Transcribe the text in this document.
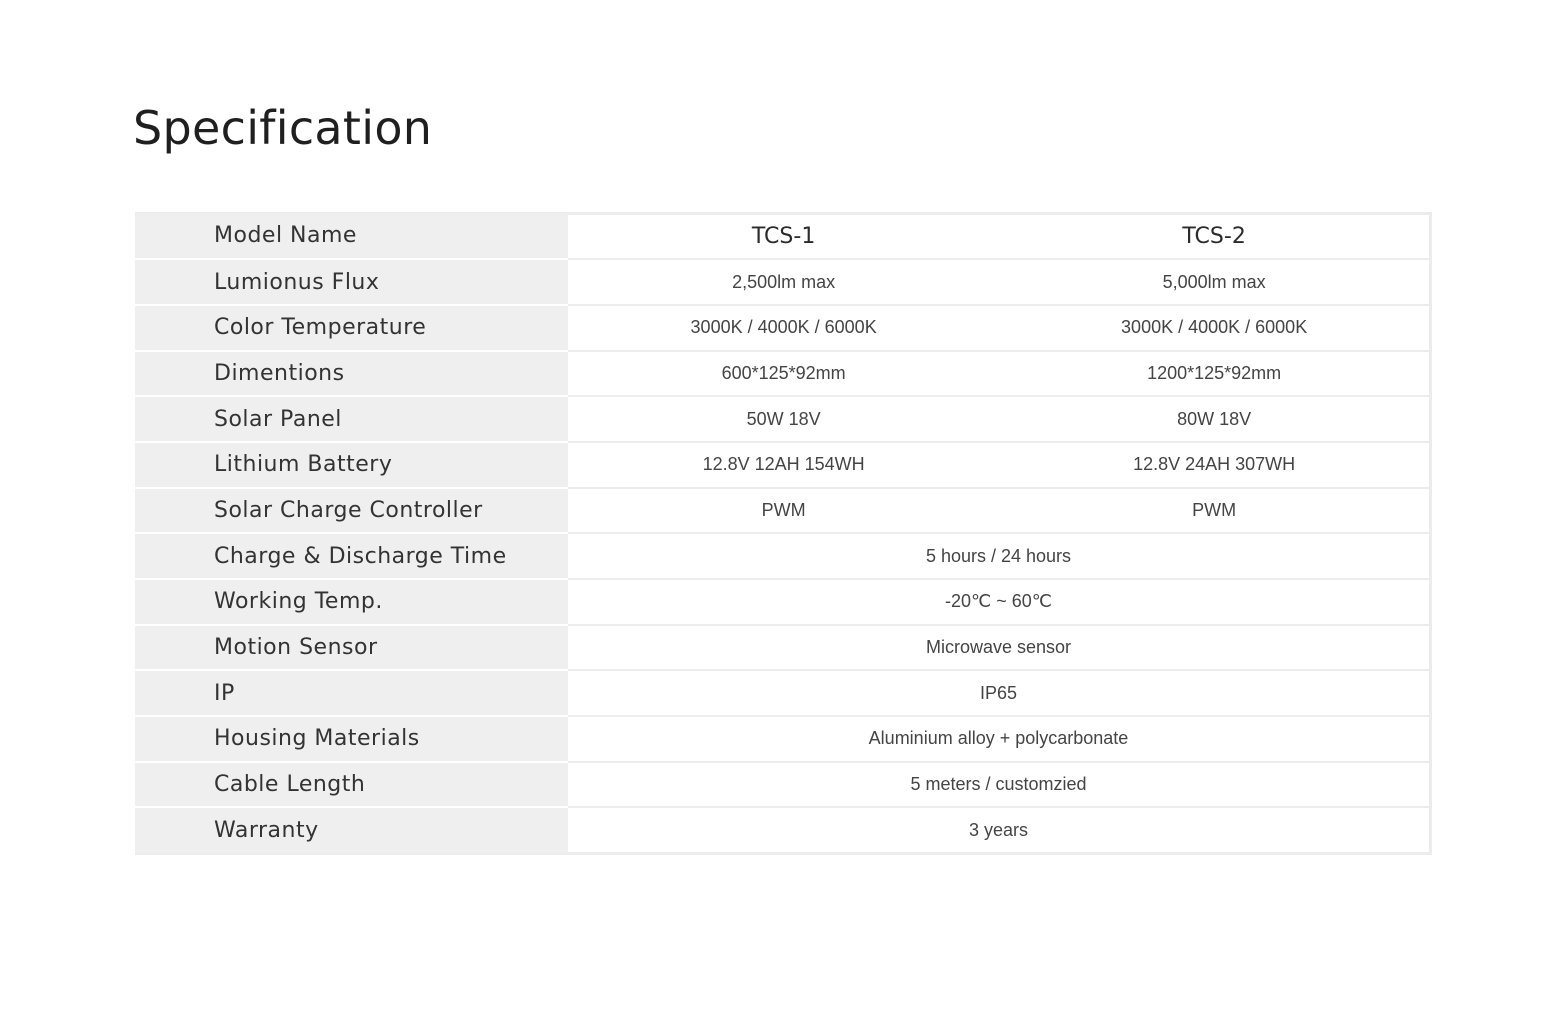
Specification
Model Name	TCS-1	TCS-2
Lumionus Flux	2,500lm max	5,000lm max
Color Temperature	3000K / 4000K / 6000K	3000K / 4000K / 6000K
Dimentions	600*125*92mm	1200*125*92mm
Solar Panel	50W 18V	80W 18V
Lithium Battery	12.8V 12AH 154WH	12.8V 24AH 307WH
Solar Charge Controller	PWM	PWM
Charge & Discharge Time	5 hours / 24 hours	
Working Temp.	-20℃ ~ 60℃	
Motion Sensor	Microwave sensor	
IP	IP65	
Housing Materials	Aluminium alloy + polycarbonate	
Cable Length	5 meters / customzied	
Warranty	3 years	
